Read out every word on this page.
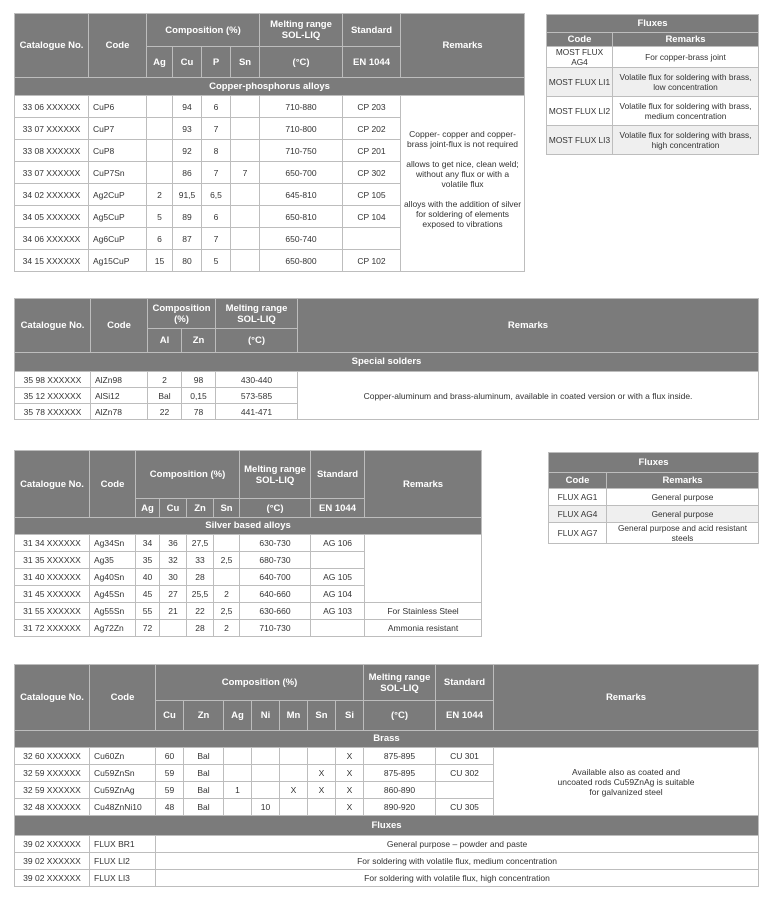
Catalogue No.	Code	Composition (%)				Melting range SOL-LIQ	Standard	Remarks
		Ag	Cu	P	Sn	(°C)	EN 1044	
Copper-phosphorus alloys								
33 06 XXXXXX	CuP6		94	6		710-880	CP 203	Copper- copper and copper-brass joint-flux is not required
allows to get nice, clean weld; without any flux or with a volatile flux
alloys with the addition of silver for soldering of elements exposed to vibrations

33 07 XXXXXX	CuP7		93	7		710-800	CP 202	
33 08 XXXXXX	CuP8		92	8		710-750	CP 201	
33 07 XXXXXX	CuP7Sn		86	7	7	650-700	CP 302	
34 02 XXXXXX	Ag2CuP	2	91,5	6,5		645-810	CP 105	
34 05 XXXXXX	Ag5CuP	5	89	6		650-810	CP 104	
34 06 XXXXXX	Ag6CuP	6	87	7		650-740		
34 15 XXXXXX	Ag15CuP	15	80	5		650-800	CP 102	
Fluxes	
Code	Remarks
MOST FLUX AG4	For copper-brass joint
MOST FLUX LI1	Volatile flux for soldering with brass, low concentration
MOST FLUX LI2	Volatile flux for soldering with brass, medium concentration
MOST FLUX LI3	Volatile flux for soldering with brass, high concentration
Catalogue No.	Code	Composition (%)		Melting range SOL-LIQ	Remarks
		Al	Zn	(°C)	
Special solders					
35 98 XXXXXX	AlZn98	2	98	430-440	Copper-aluminum and brass-aluminum, available in coated version or with a flux inside.
35 12 XXXXXX	AlSi12	Bal	0,15	573-585	
35 78 XXXXXX	AlZn78	22	78	441-471	
Catalogue No.	Code	Composition (%)				Melting range SOL-LIQ	Standard	Remarks
		Ag	Cu	Zn	Sn	(°C)	EN 1044	
Silver based alloys								
31 34 XXXXXX	Ag34Sn	34	36	27,5		630-730	AG 106	
31 35 XXXXXX	Ag35	35	32	33	2,5	680-730		
31 40 XXXXXX	Ag40Sn	40	30	28		640-700	AG 105	
31 45 XXXXXX	Ag45Sn	45	27	25,5	2	640-660	AG 104	
31 55 XXXXXX	Ag55Sn	55	21	22	2,5	630-660	AG 103	For Stainless Steel
31 72 XXXXXX	Ag72Zn	72		28	2	710-730		Ammonia resistant
Fluxes	
Code	Remarks
FLUX AG1	General purpose
FLUX AG4	General purpose
FLUX AG7	General purpose and acid resistant steels
Catalogue No.	Code	Composition (%)							Melting range SOL-LIQ	Standard	Remarks
		Cu	Zn	Ag	Ni	Mn	Sn	Si	(°C)	EN 1044	
Brass											
32 60 XXXXXX	Cu60Zn	60	Bal					X	875-895	CU 301	Available also as coated and uncoated rods Cu59ZnAg is suitable for galvanized steel
32 59 XXXXXX	Cu59ZnSn	59	Bal				X	X	875-895	CU 302	
32 59 XXXXXX	Cu59ZnAg	59	Bal	1		X	X	X	860-890		
32 48 XXXXXX	Cu48ZnNi10	48	Bal		10			X	890-920	CU 305	
Fluxes											
39 02 XXXXXX	FLUX BR1	General purpose – powder and paste									
39 02 XXXXXX	FLUX LI2	For soldering with volatile flux, medium concentration									
39 02 XXXXXX	FLUX LI3	For soldering with volatile flux, high concentration									
